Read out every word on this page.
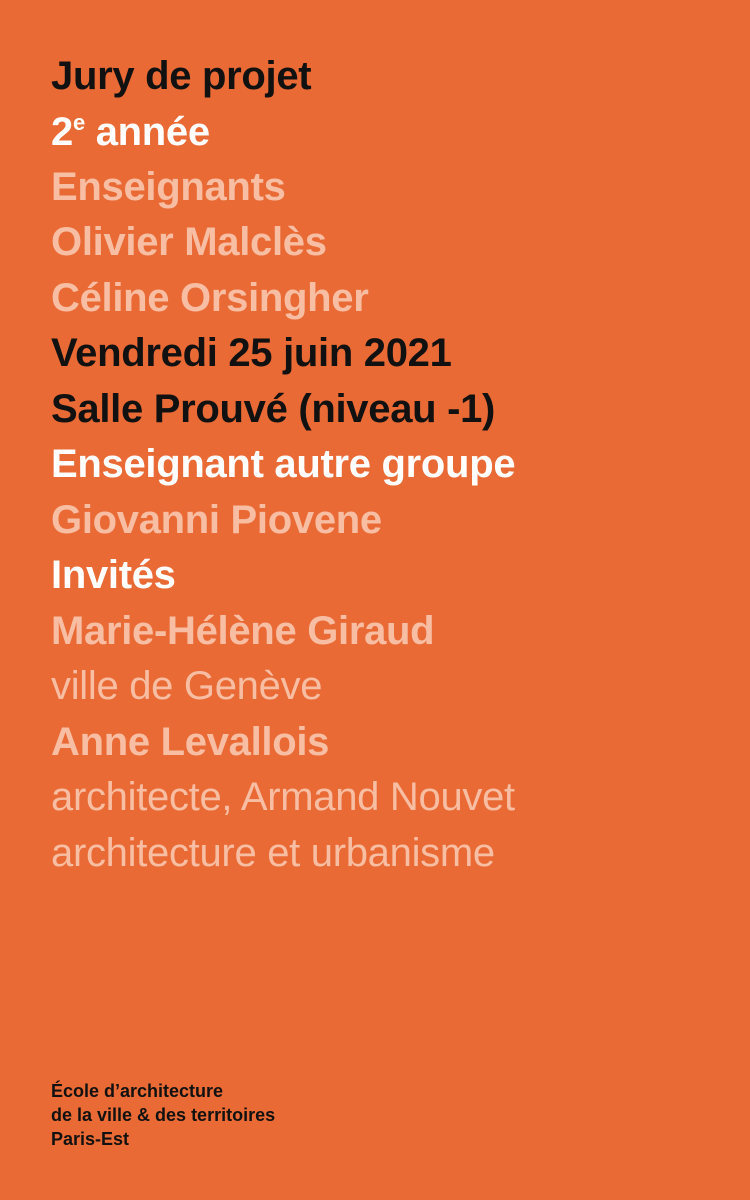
Jury de projet
2e année
Enseignants
Olivier Malclès
Céline Orsingher
Vendredi 25 juin 2021
Salle Prouvé (niveau -1)
Enseignant autre groupe
Giovanni Piovene
Invités
Marie-Hélène Giraud
ville de Genève
Anne Levallois
architecte, Armand Nouvet
architecture et urbanisme
École d’architecture
de la ville & des territoires
Paris-Est
